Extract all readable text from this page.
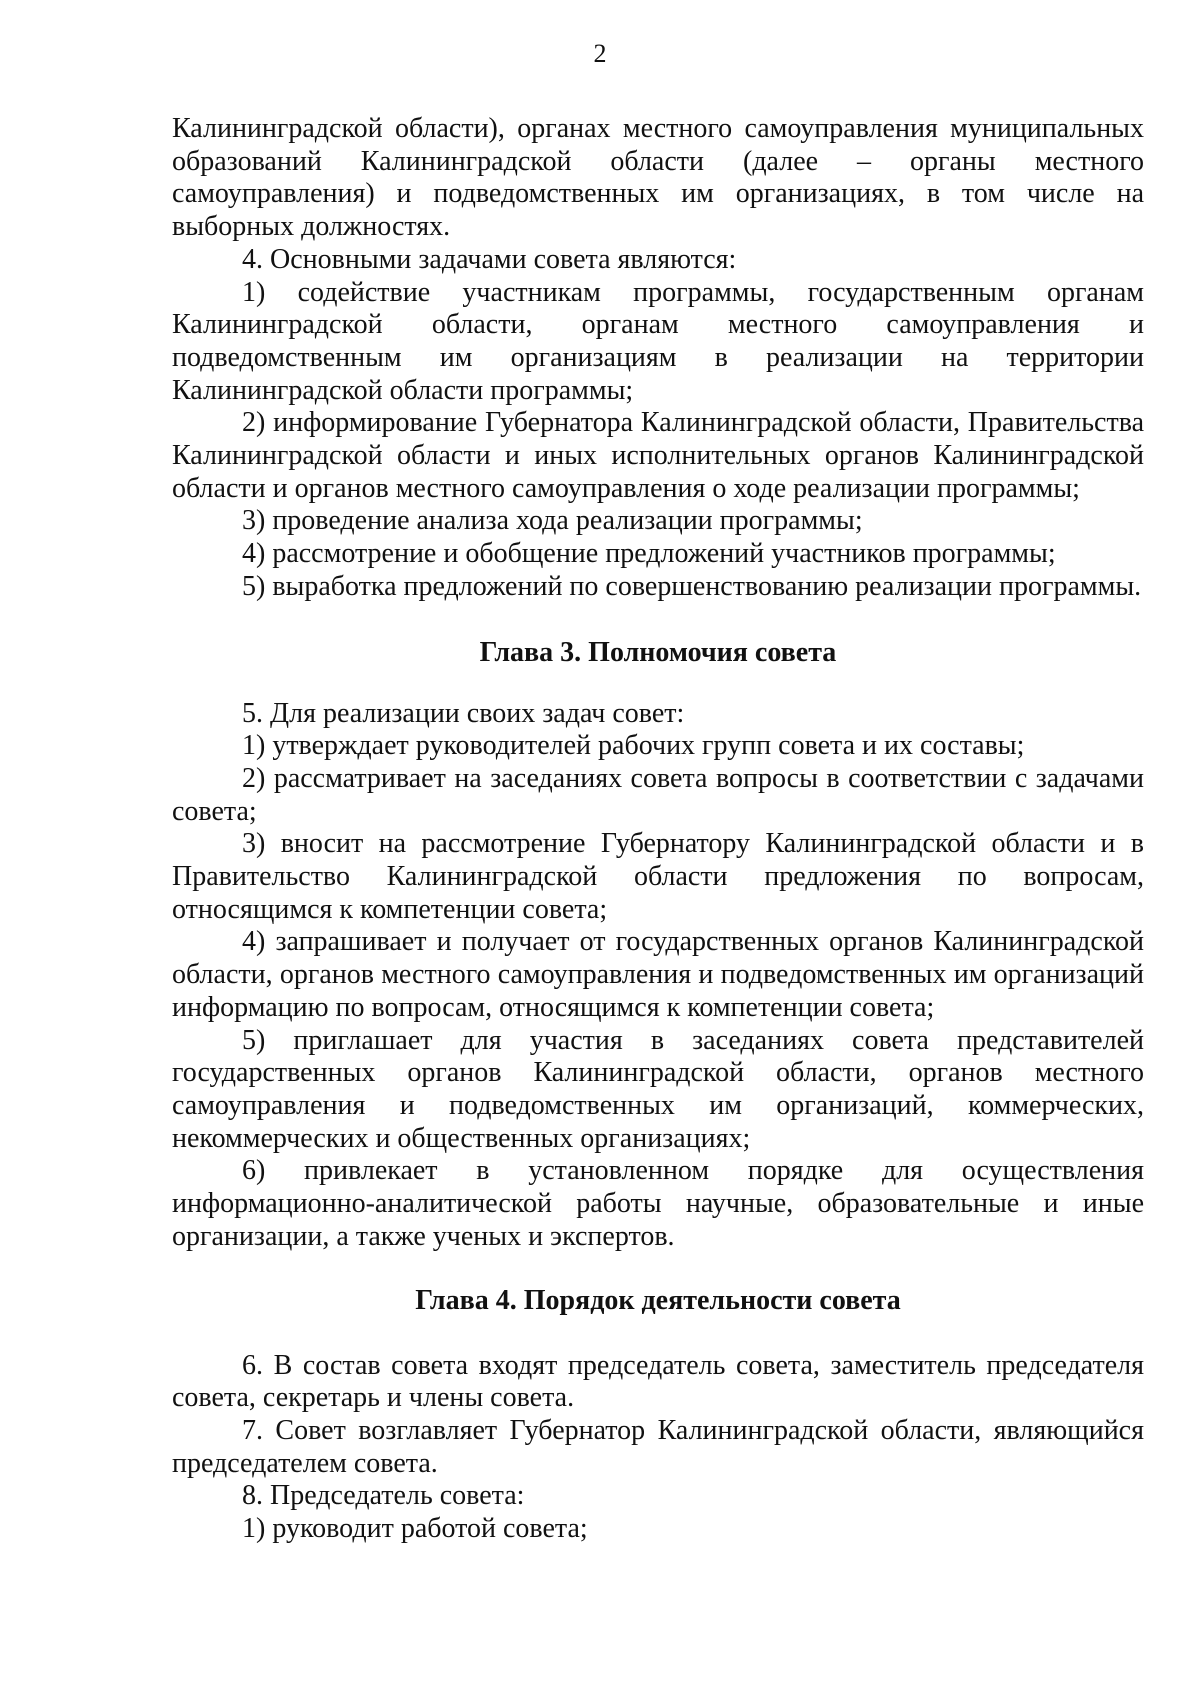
2

Калининградской области), органах местного самоуправления муниципальных образований Калининградской области (далее – органы местного самоуправления) и подведомственных им организациях, в том числе на выборных должностях.

4. Основными задачами совета являются:

1) содействие участникам программы, государственным органам Калининградской области, органам местного самоуправления и подведомственным им организациям в реализации на территории Калининградской области программы;

2) информирование Губернатора Калининградской области, Правительства Калининградской области и иных исполнительных органов Калининградской области и органов местного самоуправления о ходе реализации программы;

3) проведение анализа хода реализации программы;

4) рассмотрение и обобщение предложений участников программы;

5) выработка предложений по совершенствованию реализации программы.

Глава 3. Полномочия совета

5. Для реализации своих задач совет:

1) утверждает руководителей рабочих групп совета и их составы;

2) рассматривает на заседаниях совета вопросы в соответствии с задачами совета;

3) вносит на рассмотрение Губернатору Калининградской области и в Правительство Калининградской области предложения по вопросам, относящимся к компетенции совета;

4) запрашивает и получает от государственных органов Калининградской области, органов местного самоуправления и подведомственных им организаций информацию по вопросам, относящимся к компетенции совета;

5) приглашает для участия в заседаниях совета представителей государственных органов Калининградской области, органов местного самоуправления и подведомственных им организаций, коммерческих, некоммерческих и общественных организациях;

6) привлекает в установленном порядке для осуществления информационно-аналитической работы научные, образовательные и иные организации, а также ученых и экспертов.

Глава 4. Порядок деятельности совета

6. В состав совета входят председатель совета, заместитель председателя совета, секретарь и члены совета.

7. Совет возглавляет Губернатор Калининградской области, являющийся председателем совета.

8. Председатель совета:

1) руководит работой совета;
